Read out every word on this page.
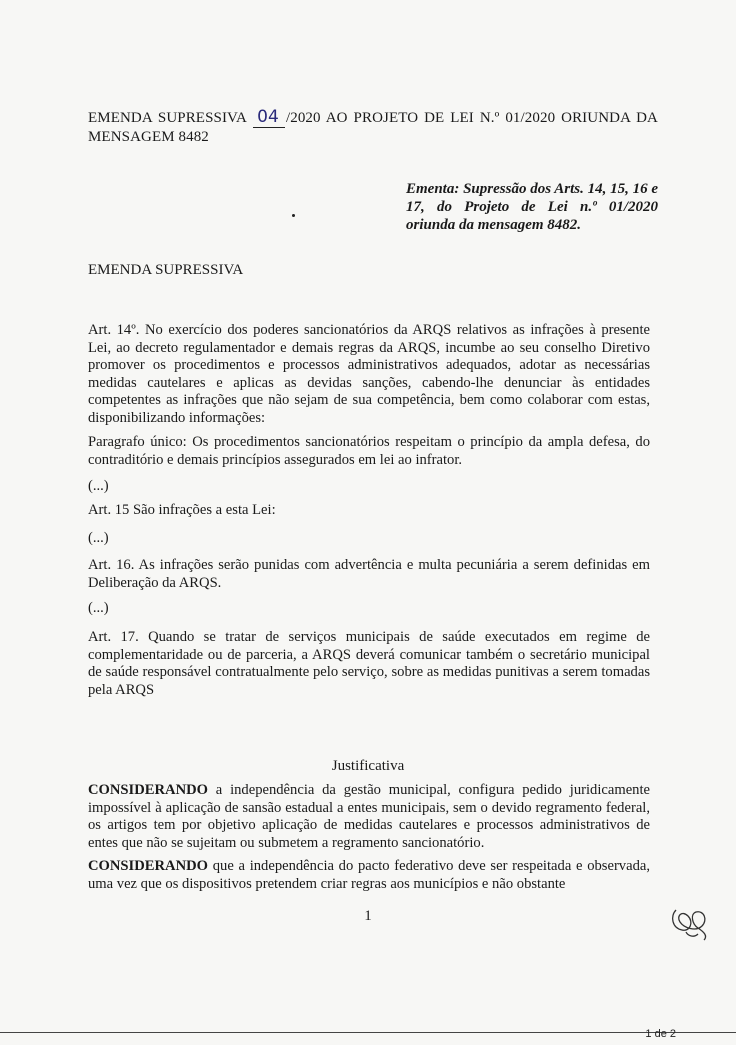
EMENDA SUPRESSIVA 04 /2020 AO PROJETO DE LEI N.º 01/2020 ORIUNDA DA MENSAGEM 8482
Ementa: Supressão dos Arts. 14, 15, 16 e 17, do Projeto de Lei n.º 01/2020 oriunda da mensagem 8482.
EMENDA SUPRESSIVA
Art. 14º. No exercício dos poderes sancionatórios da ARQS relativos as infrações à presente Lei, ao decreto regulamentador e demais regras da ARQS, incumbe ao seu conselho Diretivo promover os procedimentos e processos administrativos adequados, adotar as necessárias medidas cautelares e aplicas as devidas sanções, cabendo-lhe denunciar às entidades competentes as infrações que não sejam de sua competência, bem como colaborar com estas, disponibilizando informações:
Paragrafo único: Os procedimentos sancionatórios respeitam o princípio da ampla defesa, do contraditório e demais princípios assegurados em lei ao infrator.
(...)
Art. 15 São infrações a esta Lei:
(...)
Art. 16. As infrações serão punidas com advertência e multa pecuniária a serem definidas em Deliberação da ARQS.
(...)
Art. 17. Quando se tratar de serviços municipais de saúde executados em regime de complementaridade ou de parceria, a ARQS deverá comunicar também o secretário municipal de saúde responsável contratualmente pelo serviço, sobre as medidas punitivas a serem tomadas pela ARQS
Justificativa
CONSIDERANDO a independência da gestão municipal, configura pedido juridicamente impossível à aplicação de sansão estadual a entes municipais, sem o devido regramento federal, os artigos tem por objetivo aplicação de medidas cautelares e processos administrativos de entes que não se sujeitam ou submetem a regramento sancionatório.
CONSIDERANDO que a independência do pacto federativo deve ser respeitada e observada, uma vez que os dispositivos pretendem criar regras aos municípios e não obstante
1
1 de 2
